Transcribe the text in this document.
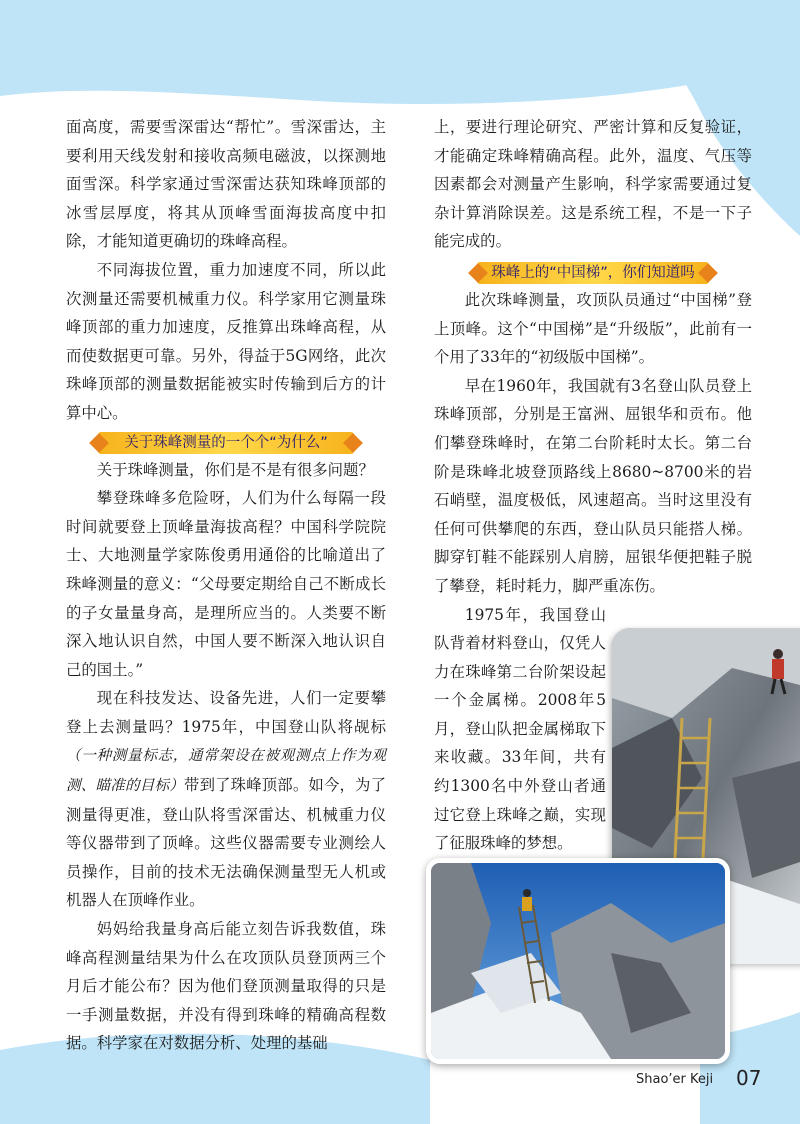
面高度，需要雪深雷达“帮忙”。雪深雷达，主要利用天线发射和接收高频电磁波，以探测地面雪深。科学家通过雪深雷达获知珠峰顶部的冰雪层厚度，将其从顶峰雪面海拔高度中扣除，才能知道更确切的珠峰高程。

不同海拔位置，重力加速度不同，所以此次测量还需要机械重力仪。科学家用它测量珠峰顶部的重力加速度，反推算出珠峰高程，从而使数据更可靠。另外，得益于5G网络，此次珠峰顶部的测量数据能被实时传输到后方的计算中心。

关于珠峰测量的一个个“为什么”

关于珠峰测量，你们是不是有很多问题？

攀登珠峰多危险呀，人们为什么每隔一段时间就要登上顶峰量海拔高程？中国科学院院士、大地测量学家陈俊勇用通俗的比喻道出了珠峰测量的意义：“父母要定期给自己不断成长的子女量量身高，是理所应当的。人类要不断深入地认识自然，中国人要不断深入地认识自己的国土。”

现在科技发达、设备先进，人们一定要攀登上去测量吗？1975年，中国登山队将觇标（一种测量标志，通常架设在被观测点上作为观测、瞄准的目标）带到了珠峰顶部。如今，为了测量得更准，登山队将雪深雷达、机械重力仪等仪器带到了顶峰。这些仪器需要专业测绘人员操作，目前的技术无法确保测量型无人机或机器人在顶峰作业。

妈妈给我量身高后能立刻告诉我数值，珠峰高程测量结果为什么在攻顶队员登顶两三个月后才能公布？因为他们登顶测量取得的只是一手测量数据，并没有得到珠峰的精确高程数据。科学家在对数据分析、处理的基础

上，要进行理论研究、严密计算和反复验证，才能确定珠峰精确高程。此外，温度、气压等因素都会对测量产生影响，科学家需要通过复杂计算消除误差。这是系统工程，不是一下子能完成的。

珠峰上的“中国梯”，你们知道吗

此次珠峰测量，攻顶队员通过“中国梯”登上顶峰。这个“中国梯”是“升级版”，此前有一个用了33年的“初级版中国梯”。

早在1960年，我国就有3名登山队员登上珠峰顶部，分别是王富洲、屈银华和贡布。他们攀登珠峰时，在第二台阶耗时太长。第二台阶是珠峰北坡登顶路线上8680~8700米的岩石峭壁，温度极低，风速超高。当时这里没有任何可供攀爬的东西，登山队员只能搭人梯。脚穿钉鞋不能踩别人肩膀，屈银华便把鞋子脱了攀登，耗时耗力，脚严重冻伤。

1975年，我国登山队背着材料登山，仅凭人力在珠峰第二台阶架设起一个金属梯。2008年5月，登山队把金属梯取下来收藏。33年间，共有约1300名中外登山者通过它登上珠峰之巅，实现了征服珠峰的梦想。

Shao’er Keji 07
